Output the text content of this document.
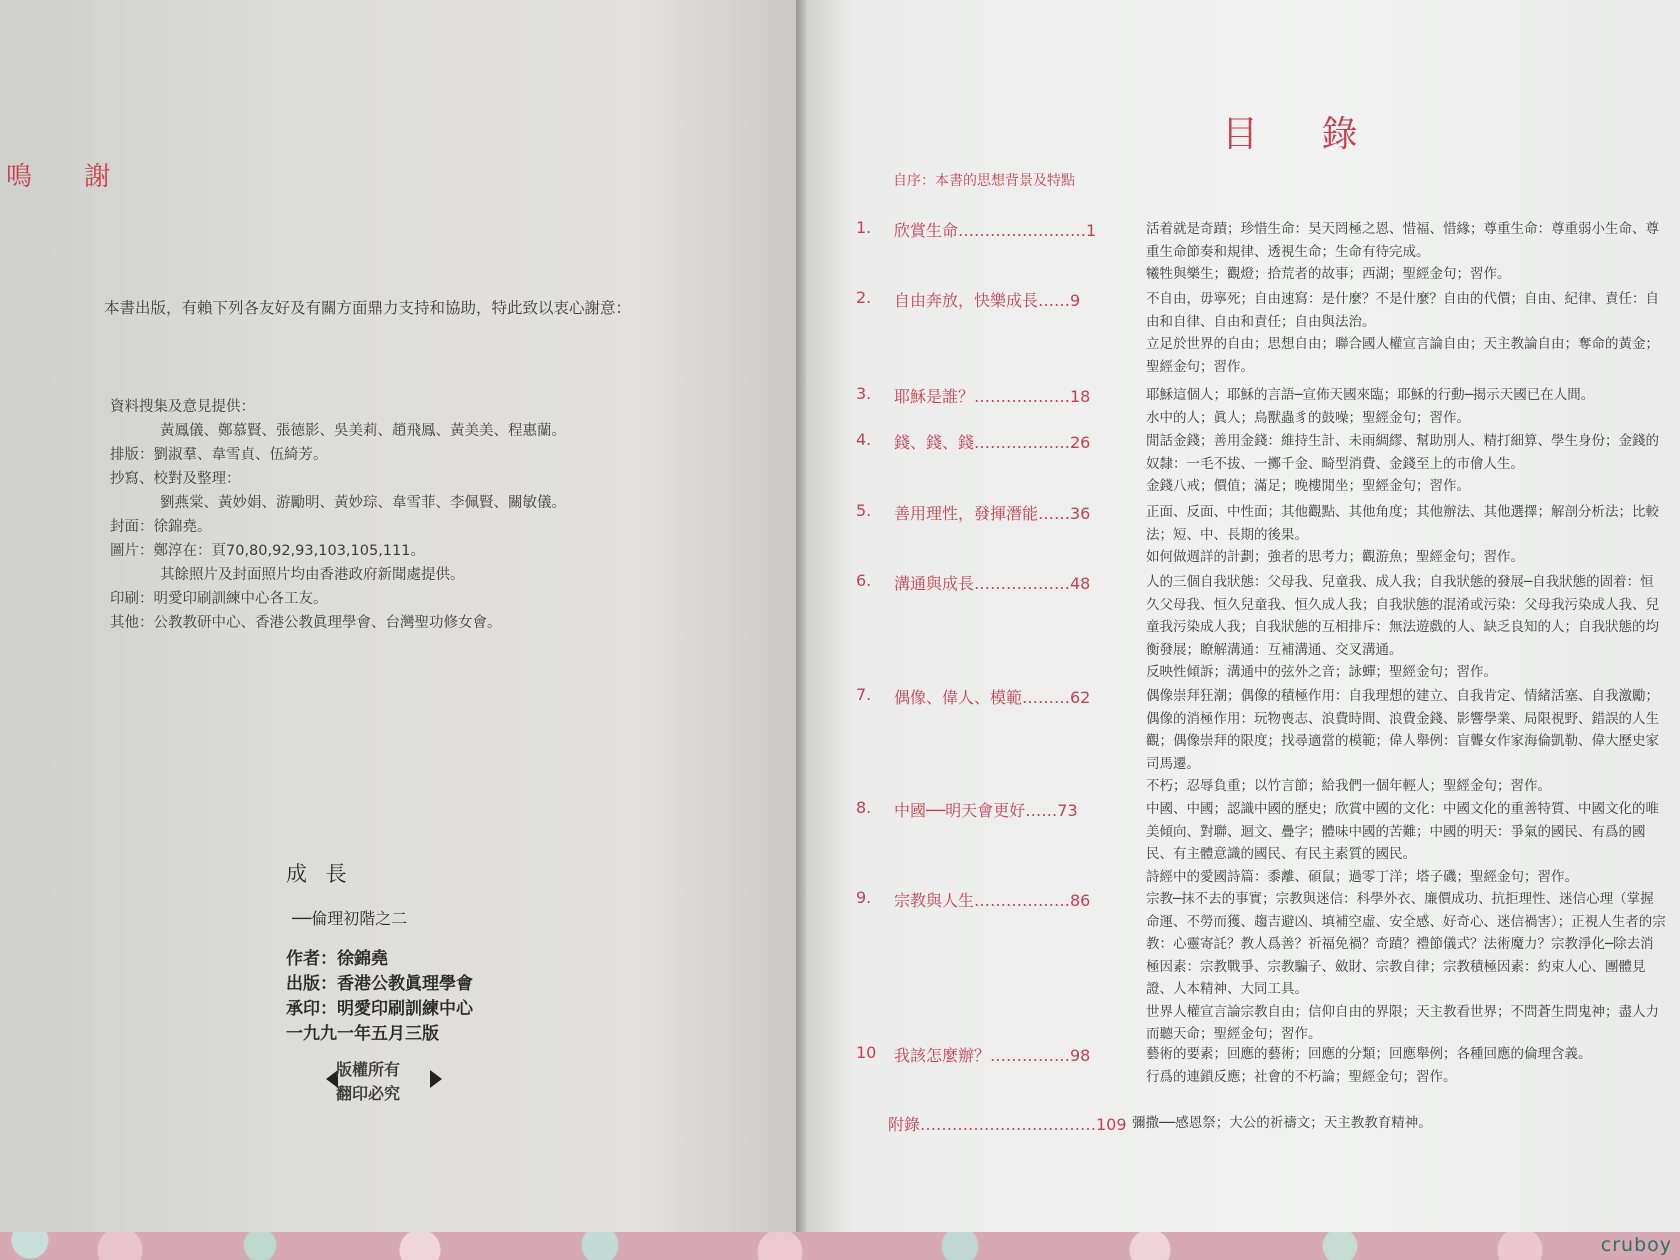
鳴 謝
本書出版，有賴下列各友好及有關方面鼎力支持和協助，特此致以衷心謝意：
資料搜集及意見提供：
黃鳳儀、鄭慕賢、張德影、吳美莉、趙飛鳳、黃美美、程惠蘭。
排版：劉淑羣、韋雪貞、伍綺芳。
抄寫、校對及整理：
劉燕棠、黃妙娟、游勵明、黃妙琮、韋雪菲、李佩賢、關敏儀。
封面：徐錦堯。
圖片：鄭淳在：頁70,80,92,93,103,105,111。
其餘照片及封面照片均由香港政府新聞處提供。
印刷：明愛印刷訓練中心各工友。
其他：公教教研中心、香港公教眞理學會、台灣聖功修女會。
成 長
──倫理初階之二
作者：徐錦堯
出版：香港公教眞理學會
承印：明愛印刷訓練中心
一九九一年五月三版
版權所有
翻印必究
目 錄
自序：本書的思想背景及特點
1. 欣賞生命……………………1	活着就是奇蹟；珍惜生命：昊天罔極之恩、惜福、惜緣；尊重生命：尊重弱小生命、尊重生命節奏和規律、透視生命；生命有待完成。
犧牲與樂生；觀燈；拾荒者的故事；西湖；聖經金句；習作。
2. 自由奔放，快樂成長……9	不自由，毋寧死；自由速寫：是什麼？不是什麼？自由的代價；自由、紀律、責任：自由和自律、自由和責任；自由與法治。
立足於世界的自由；思想自由；聯合國人權宣言論自由；天主教論自由；奪命的黃金；聖經金句；習作。
3. 耶穌是誰？………………18	耶穌這個人；耶穌的言語─宣佈天國來臨；耶穌的行動─揭示天國已在人間。
水中的人；眞人；鳥獸蟲豸的鼓噪；聖經金句；習作。
4. 錢、錢、錢………………26	閒話金錢；善用金錢：維持生計、未雨綢繆、幫助別人、精打細算、學生身份；金錢的奴隸：一毛不拔、一擲千金、畸型消費、金錢至上的市儈人生。
金錢八戒；價值；滿足；晚樓閒坐；聖經金句；習作。
5. 善用理性，發揮潛能……36	正面、反面、中性面；其他觀點、其他角度；其他辦法、其他選擇；解剖分析法；比較法；短、中、長期的後果。
如何做週詳的計劃；強者的思考力；觀游魚；聖經金句；習作。
6. 溝通與成長………………48	人的三個自我狀態：父母我、兒童我、成人我；自我狀態的發展─自我狀態的固着：恒久父母我、恒久兒童我、恒久成人我；自我狀態的混淆或污染：父母我污染成人我、兒童我污染成人我；自我狀態的互相排斥：無法遊戲的人、缺乏良知的人；自我狀態的均衡發展；瞭解溝通：互補溝通、交叉溝通。
反映性傾訴；溝通中的弦外之音；詠蟬；聖經金句；習作。
7. 偶像、偉人、模範………62	偶像崇拜狂潮；偶像的積極作用：自我理想的建立、自我肯定、情緒活塞、自我激勵；偶像的消極作用：玩物喪志、浪費時間、浪費金錢、影響學業、局限視野、錯誤的人生觀；偶像崇拜的限度；找尋適當的模範；偉人舉例：盲聾女作家海倫凱勒、偉大歷史家司馬遷。
不朽；忍辱負重；以竹言節；給我們一個年輕人；聖經金句；習作。
8. 中國──明天會更好……73	中國、中國；認識中國的歷史；欣賞中國的文化：中國文化的重善特質、中國文化的唯美傾向、對聯、迴文、疊字；體味中國的苦難；中國的明天：爭氣的國民、有爲的國民、有主體意識的國民、有民主素質的國民。
詩經中的愛國詩篇：黍離、碩鼠；過零丁洋；塔子磯；聖經金句；習作。
9. 宗教與人生………………86	宗教─抹不去的事實；宗教與迷信：科學外衣、廉價成功、抗拒理性、迷信心理（掌握命運、不勞而獲、趨吉避凶、填補空虛、安全感、好奇心、迷信禍害）；正視人生者的宗教：心靈寄託？教人爲善？祈福免禍？奇蹟？禮節儀式？法術魔力？宗教淨化─除去消極因素：宗教戰爭、宗教騙子、斂財、宗教自律；宗教積極因素：約束人心、團體見證、人本精神、大同工具。
世界人權宣言論宗教自由；信仰自由的界限；天主教看世界；不問蒼生問鬼神；盡人力而聽天命；聖經金句；習作。
10 我該怎麼辦？……………98	藝術的要素；回應的藝術；回應的分類；回應舉例；各種回應的倫理含義。
行爲的連鎖反應；社會的不朽論；聖經金句；習作。
附錄……………………………109 彌撒──感恩祭；大公的祈禱文；天主教教育精神。
cruboy
